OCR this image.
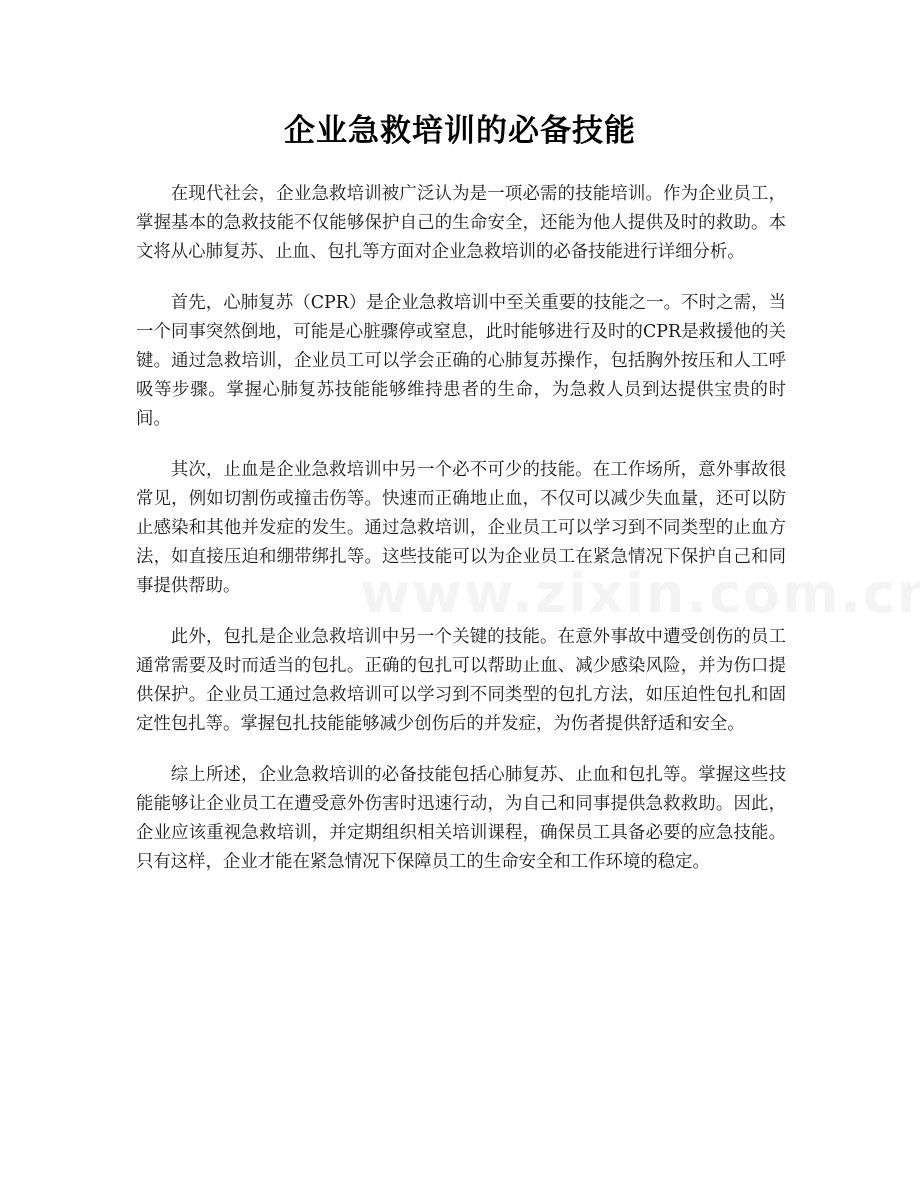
企业急救培训的必备技能

在现代社会，企业急救培训被广泛认为是一项必需的技能培训。作为企业员工，掌握基本的急救技能不仅能够保护自己的生命安全，还能为他人提供及时的救助。本文将从心肺复苏、止血、包扎等方面对企业急救培训的必备技能进行详细分析。

首先，心肺复苏（CPR）是企业急救培训中至关重要的技能之一。不时之需，当一个同事突然倒地，可能是心脏骤停或窒息，此时能够进行及时的CPR是救援他的关键。通过急救培训，企业员工可以学会正确的心肺复苏操作，包括胸外按压和人工呼吸等步骤。掌握心肺复苏技能能够维持患者的生命，为急救人员到达提供宝贵的时间。

其次，止血是企业急救培训中另一个必不可少的技能。在工作场所，意外事故很常见，例如切割伤或撞击伤等。快速而正确地止血，不仅可以减少失血量，还可以防止感染和其他并发症的发生。通过急救培训，企业员工可以学习到不同类型的止血方法，如直接压迫和绷带绑扎等。这些技能可以为企业员工在紧急情况下保护自己和同事提供帮助。

此外，包扎是企业急救培训中另一个关键的技能。在意外事故中遭受创伤的员工通常需要及时而适当的包扎。正确的包扎可以帮助止血、减少感染风险，并为伤口提供保护。企业员工通过急救培训可以学习到不同类型的包扎方法，如压迫性包扎和固定性包扎等。掌握包扎技能能够减少创伤后的并发症，为伤者提供舒适和安全。

综上所述，企业急救培训的必备技能包括心肺复苏、止血和包扎等。掌握这些技能能够让企业员工在遭受意外伤害时迅速行动，为自己和同事提供急救救助。因此，企业应该重视急救培训，并定期组织相关培训课程，确保员工具备必要的应急技能。只有这样，企业才能在紧急情况下保障员工的生命安全和工作环境的稳定。
